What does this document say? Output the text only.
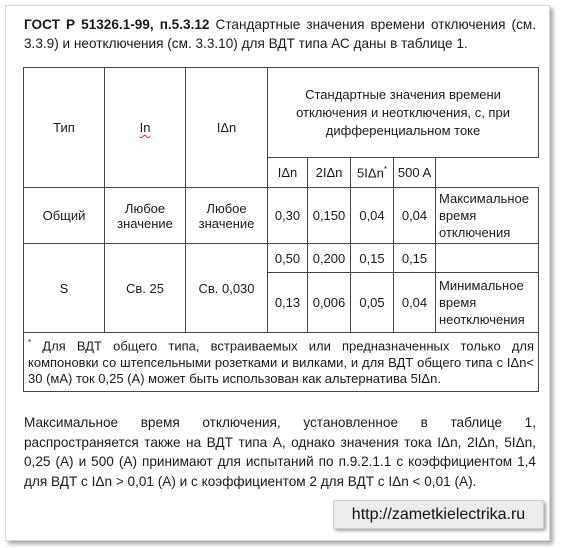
ГОСТ Р 51326.1-99, п.5.3.12 Стандартные значения времени отключения (см. 3.3.9) и неотключения (см. 3.3.10) для ВДТ типа АС даны в таблице 1.
Тип	In	IΔn	Стандартные значения времени отключения и неотключения, с, при дифференциальном токе				
			IΔn	2IΔn	5IΔn*	500 A	
Общий	Любое значение	Любое значение	0,30	0,150	0,04	0,04	Максимальное время отключения
S	Св. 25	Св. 0,030	0,50	0,200	0,15	0,15	
			0,13	0,006	0,05	0,04	Минимальное время неотключения
* Для ВДТ общего типа, встраиваемых или предназначенных только для компоновки со штепсельными розетками и вилками, и для ВДТ общего типа с IΔn< 30 (мА) ток 0,25 (А) может быть использован как альтернатива 5IΔn.							
Максимальное время отключения, установленное в таблице 1, распространяется также на ВДТ типа А, однако значения тока IΔn, 2IΔn, 5IΔn, 0,25 (А) и 500 (А) принимают для испытаний по п.9.2.1.1 с коэффициентом 1,4 для ВДТ с IΔn > 0,01 (А) и с коэффициентом 2 для ВДТ с IΔn < 0,01 (А).
http://zametkielectrika.ru
